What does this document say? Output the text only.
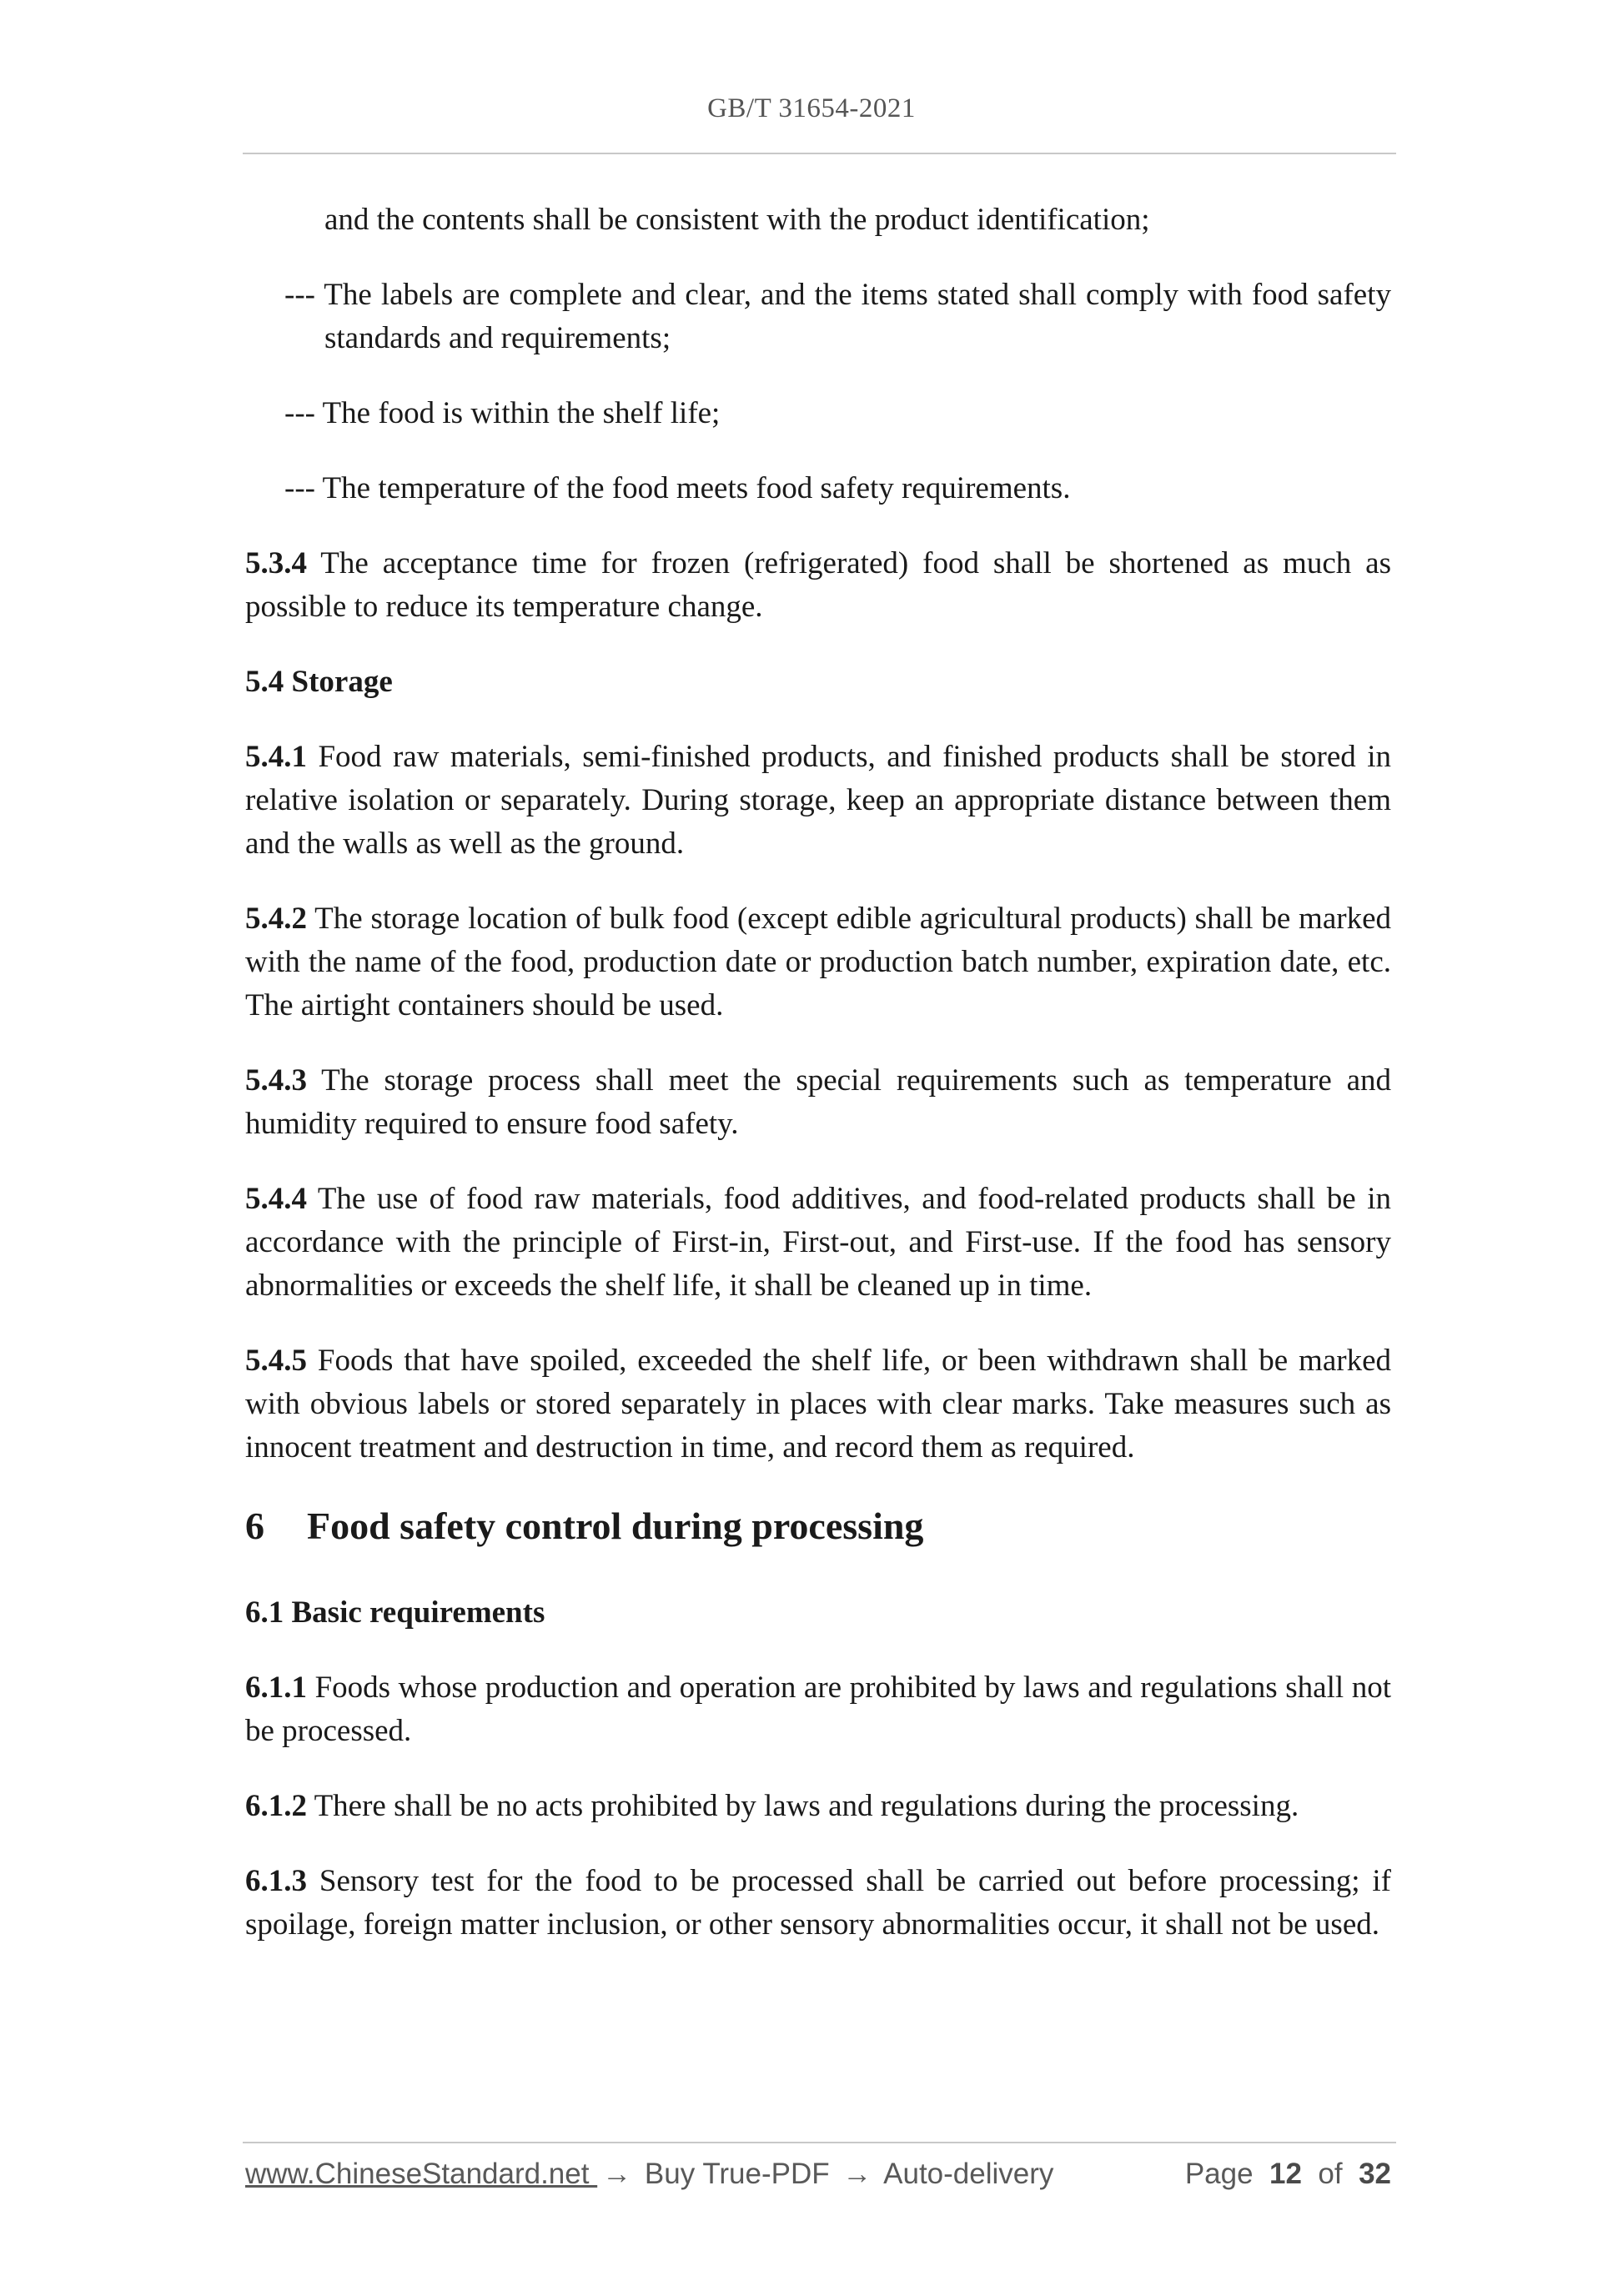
GB/T 31654-2021

and the contents shall be consistent with the product identification;

--- The labels are complete and clear, and the items stated shall comply with food safety standards and requirements;

--- The food is within the shelf life;

--- The temperature of the food meets food safety requirements.

5.3.4 The acceptance time for frozen (refrigerated) food shall be shortened as much as possible to reduce its temperature change.

5.4 Storage

5.4.1 Food raw materials, semi-finished products, and finished products shall be stored in relative isolation or separately. During storage, keep an appropriate distance between them and the walls as well as the ground.

5.4.2 The storage location of bulk food (except edible agricultural products) shall be marked with the name of the food, production date or production batch number, expiration date, etc. The airtight containers should be used.

5.4.3 The storage process shall meet the special requirements such as temperature and humidity required to ensure food safety.

5.4.4 The use of food raw materials, food additives, and food-related products shall be in accordance with the principle of First-in, First-out, and First-use. If the food has sensory abnormalities or exceeds the shelf life, it shall be cleaned up in time.

5.4.5 Foods that have spoiled, exceeded the shelf life, or been withdrawn shall be marked with obvious labels or stored separately in places with clear marks. Take measures such as innocent treatment and destruction in time, and record them as required.

6 Food safety control during processing

6.1 Basic requirements

6.1.1 Foods whose production and operation are prohibited by laws and regulations shall not be processed.

6.1.2 There shall be no acts prohibited by laws and regulations during the processing.

6.1.3 Sensory test for the food to be processed shall be carried out before processing; if spoilage, foreign matter inclusion, or other sensory abnormalities occur, it shall not be used.

www.ChineseStandard.net → Buy True-PDF → Auto-delivery	Page 12 of 32
